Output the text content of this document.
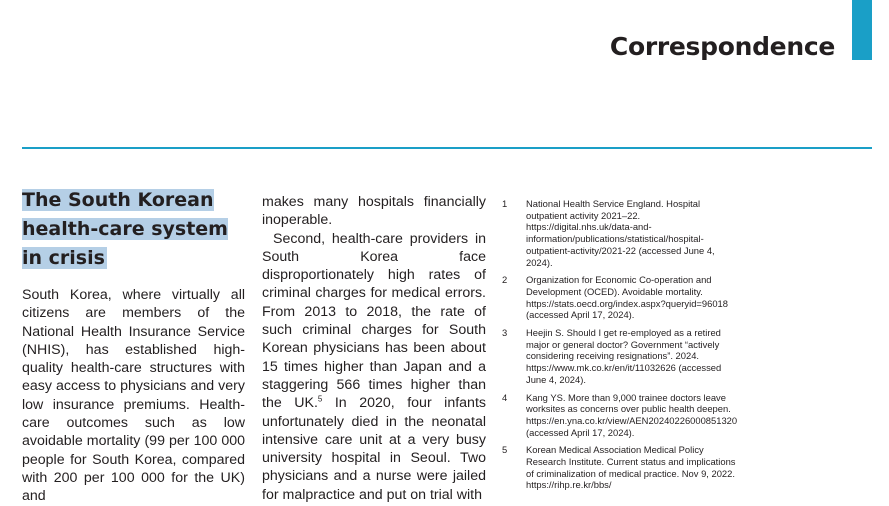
Correspondence
The South Korean health-care system in crisis

South Korea, where virtually all citizens are members of the National Health Insurance Service (NHIS), has established high-quality health-care structures with easy access to physicians and very low insurance premiums. Health-care outcomes such as low avoidable mortality (99 per 100 000 people for South Korea, compared with 200 per 100 000 for the UK) and

makes many hospitals financially inoperable.

Second, health-care providers in South Korea face disproportionately high rates of criminal charges for medical errors. From 2013 to 2018, the rate of such criminal charges for South Korean physicians has been about 15 times higher than Japan and a staggering 566 times higher than the UK.$^5$ In 2020, four infants unfortunately died in the neonatal intensive care unit at a very busy university hospital in Seoul. Two physicians and a nurse were jailed for malpractice and put on trial with

1 National Health Service England. Hospital outpatient activity 2021–22. https://digital.nhs.uk/data-and-information/publications/statistical/hospital-outpatient-activity/2021-22 (accessed June 4, 2024).
2 Organization for Economic Co-operation and Development (OCED). Avoidable mortality. https://stats.oecd.org/index.aspx?queryid=96018 (accessed April 17, 2024).
3 Heejin S. Should I get re-employed as a retired major or general doctor? Government “actively considering receiving resignations”. 2024. https://www.mk.co.kr/en/it/11032626 (accessed June 4, 2024).
4 Kang YS. More than 9,000 trainee doctors leave worksites as concerns over public health deepen. https://en.yna.co.kr/view/AEN20240226000851320 (accessed April 17, 2024).
5 Korean Medical Association Medical Policy Research Institute. Current status and implications of criminalization of medical practice. Nov 9, 2022. https://rihp.re.kr/bbs/
